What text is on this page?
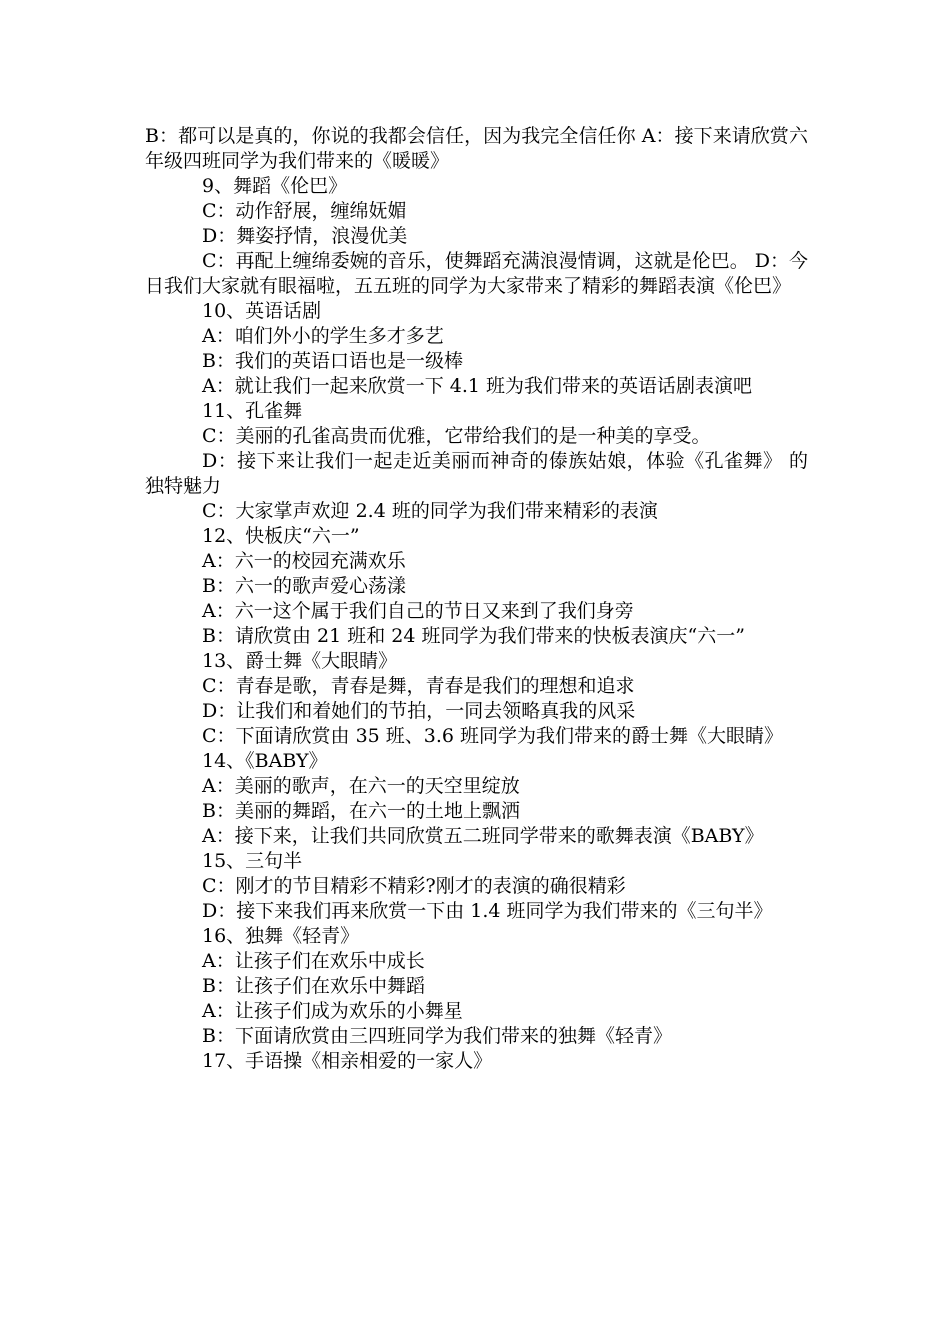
B：都可以是真的，你说的我都会信任，因为我完全信任你 A：接下来请欣赏六年级四班同学为我们带来的《暖暖》

9、舞蹈《伦巴》

C：动作舒展，缠绵妩媚

D：舞姿抒情，浪漫优美

C：再配上缠绵委婉的音乐，使舞蹈充满浪漫情调，这就是伦巴。 D：今日我们大家就有眼福啦，五五班的同学为大家带来了精彩的舞蹈表演《伦巴》

10、英语话剧

A：咱们外小的学生多才多艺

B：我们的英语口语也是一级棒

A：就让我们一起来欣赏一下 4.1 班为我们带来的英语话剧表演吧

11、孔雀舞

C：美丽的孔雀高贵而优雅，它带给我们的是一种美的享受。

D：接下来让我们一起走近美丽而神奇的傣族姑娘，体验《孔雀舞》 的独特魅力

C：大家掌声欢迎 2.4 班的同学为我们带来精彩的表演

12、快板庆“六一”

A：六一的校园充满欢乐

B：六一的歌声爱心荡漾

A：六一这个属于我们自己的节日又来到了我们身旁

B：请欣赏由 21 班和 24 班同学为我们带来的快板表演庆“六一”

13、爵士舞《大眼睛》

C：青春是歌，青春是舞，青春是我们的理想和追求

D：让我们和着她们的节拍，一同去领略真我的风采

C：下面请欣赏由 35 班、3.6 班同学为我们带来的爵士舞《大眼睛》

14、《BABY》

A：美丽的歌声，在六一的天空里绽放

B：美丽的舞蹈，在六一的土地上飘洒

A：接下来，让我们共同欣赏五二班同学带来的歌舞表演《BABY》

15、三句半

C：刚才的节目精彩不精彩?刚才的表演的确很精彩

D：接下来我们再来欣赏一下由 1.4 班同学为我们带来的《三句半》

16、独舞《轻青》

A：让孩子们在欢乐中成长

B：让孩子们在欢乐中舞蹈

A：让孩子们成为欢乐的小舞星

B：下面请欣赏由三四班同学为我们带来的独舞《轻青》

17、手语操《相亲相爱的一家人》
